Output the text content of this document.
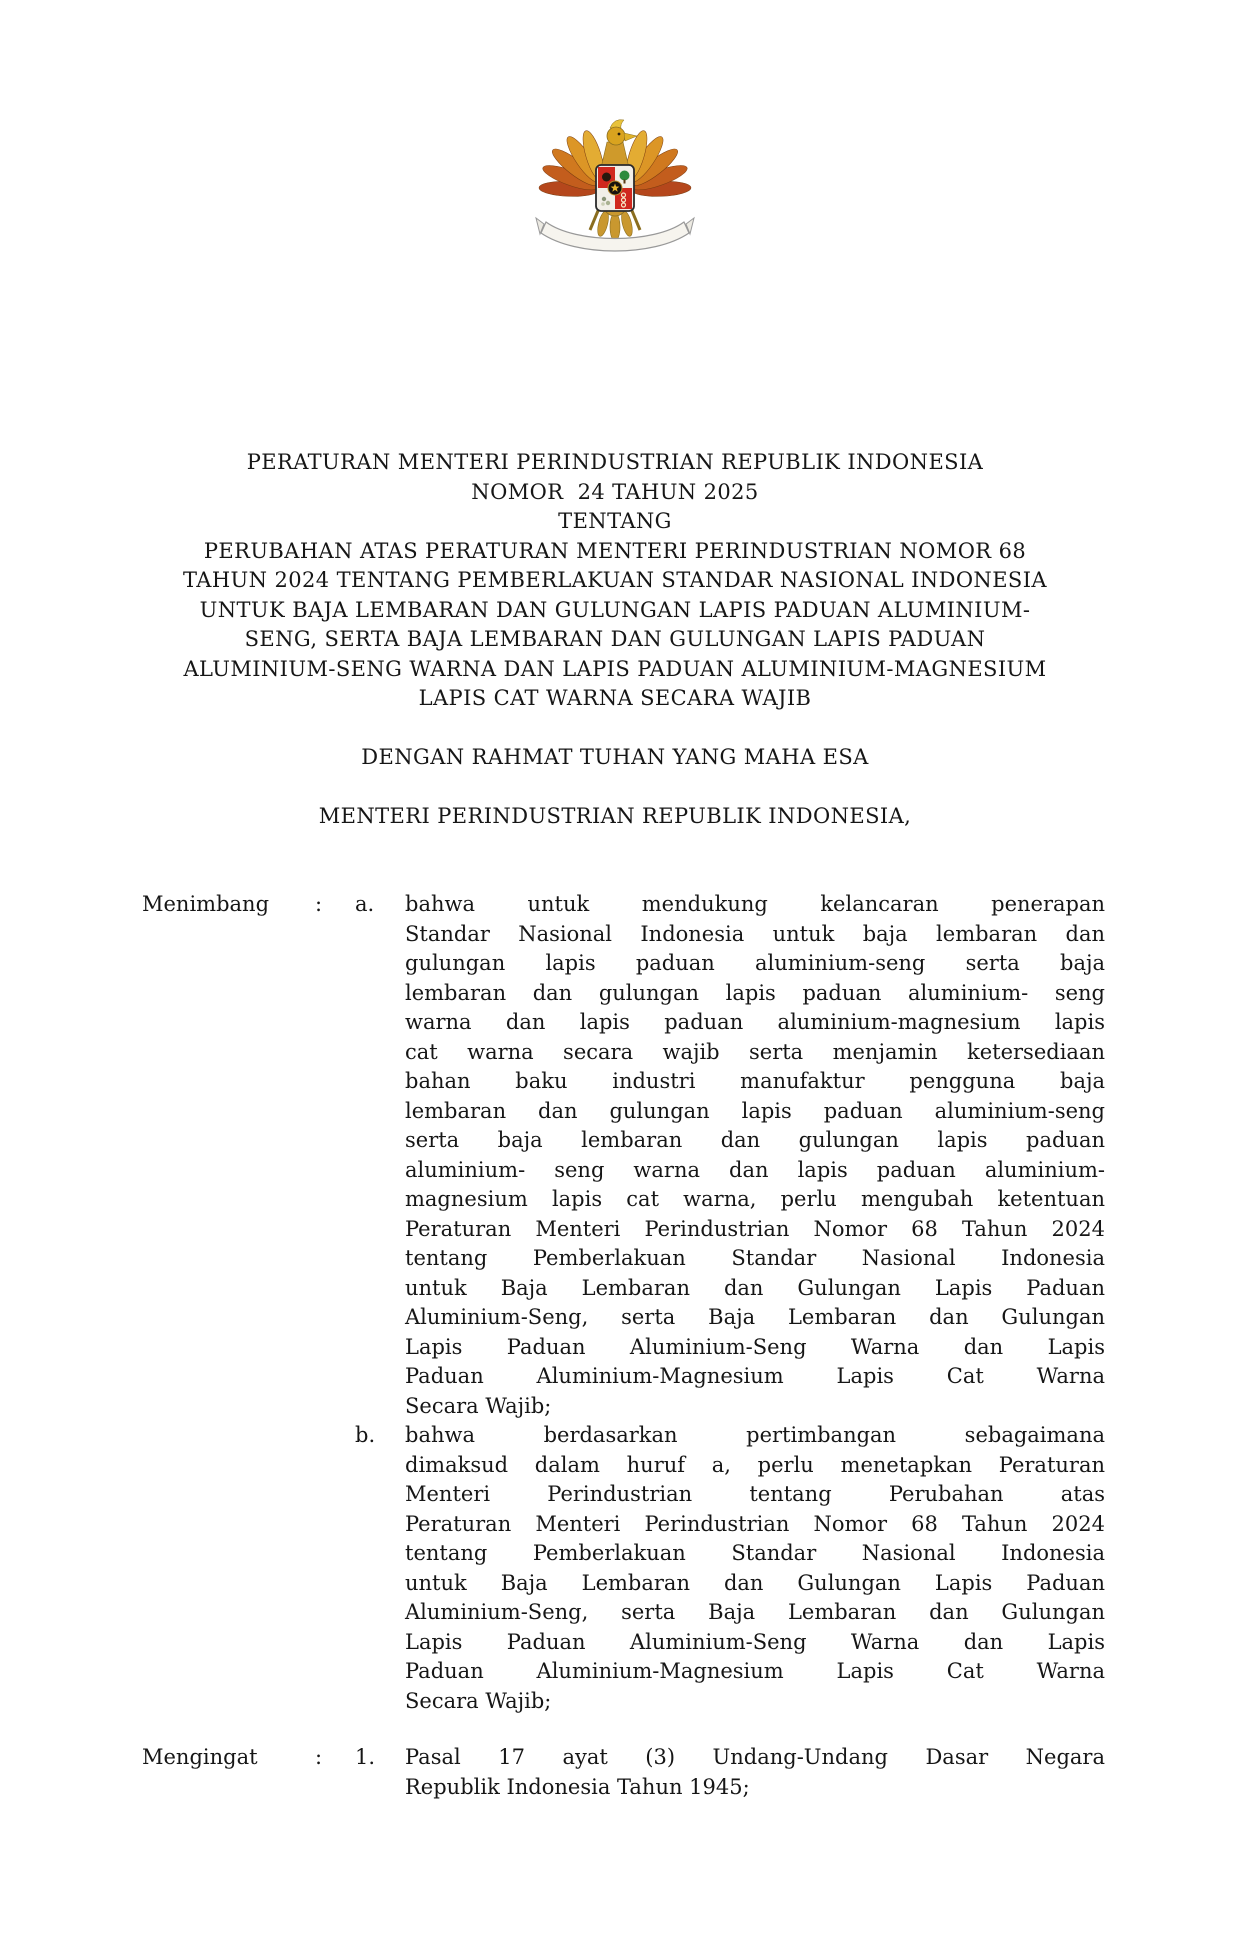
PERATURAN MENTERI PERINDUSTRIAN REPUBLIK INDONESIA
NOMOR  24 TAHUN 2025
TENTANG
PERUBAHAN ATAS PERATURAN MENTERI PERINDUSTRIAN NOMOR 68
TAHUN 2024 TENTANG PEMBERLAKUAN STANDAR NASIONAL INDONESIA
UNTUK BAJA LEMBARAN DAN GULUNGAN LAPIS PADUAN ALUMINIUM-
SENG, SERTA BAJA LEMBARAN DAN GULUNGAN LAPIS PADUAN
ALUMINIUM-SENG WARNA DAN LAPIS PADUAN ALUMINIUM-MAGNESIUM
LAPIS CAT WARNA SECARA WAJIB
DENGAN RAHMAT TUHAN YANG MAHA ESA
MENTERI PERINDUSTRIAN REPUBLIK INDONESIA,
Menimbang	:	a.	bahwa untuk mendukung kelancaran penerapan
Standar Nasional Indonesia untuk baja lembaran dan
gulungan lapis paduan aluminium-seng serta baja
lembaran dan gulungan lapis paduan aluminium- seng
warna dan lapis paduan aluminium-magnesium lapis
cat warna secara wajib serta menjamin ketersediaan
bahan baku industri manufaktur pengguna baja
lembaran dan gulungan lapis paduan aluminium-seng
serta baja lembaran dan gulungan lapis paduan
aluminium- seng warna dan lapis paduan aluminium-
magnesium lapis cat warna, perlu mengubah ketentuan
Peraturan Menteri Perindustrian Nomor 68 Tahun 2024
tentang Pemberlakuan Standar Nasional Indonesia
untuk Baja Lembaran dan Gulungan Lapis Paduan
Aluminium-Seng, serta Baja Lembaran dan Gulungan
Lapis Paduan Aluminium-Seng Warna dan Lapis
Paduan Aluminium-Magnesium Lapis Cat Warna
Secara Wajib;
b.	bahwa berdasarkan pertimbangan sebagaimana
dimaksud dalam huruf a, perlu menetapkan Peraturan
Menteri Perindustrian tentang Perubahan atas
Peraturan Menteri Perindustrian Nomor 68 Tahun 2024
tentang Pemberlakuan Standar Nasional Indonesia
untuk Baja Lembaran dan Gulungan Lapis Paduan
Aluminium-Seng, serta Baja Lembaran dan Gulungan
Lapis Paduan Aluminium-Seng Warna dan Lapis
Paduan Aluminium-Magnesium Lapis Cat Warna
Secara Wajib;
Mengingat	:	1.	Pasal 17 ayat (3) Undang-Undang Dasar Negara
Republik Indonesia Tahun 1945;
